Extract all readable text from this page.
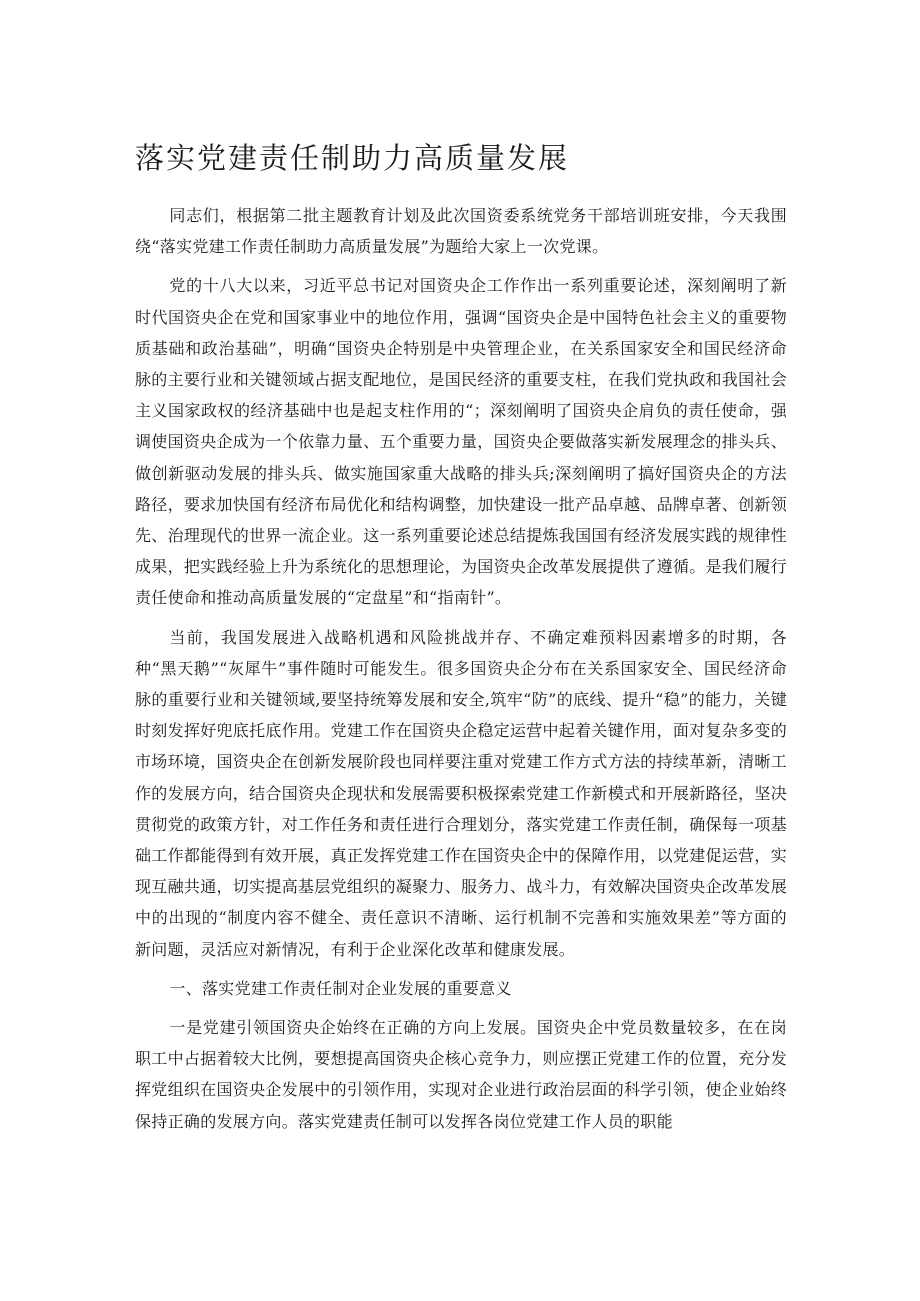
落实党建责任制助力高质量发展

同志们，根据第二批主题教育计划及此次国资委系统党务干部培训班安排，今天我围绕“落实党建工作责任制助力高质量发展”为题给大家上一次党课。

党的十八大以来，习近平总书记对国资央企工作作出一系列重要论述，深刻阐明了新时代国资央企在党和国家事业中的地位作用，强调“国资央企是中国特色社会主义的重要物质基础和政治基础”，明确“国资央企特别是中央管理企业，在关系国家安全和国民经济命脉的主要行业和关键领域占据支配地位，是国民经济的重要支柱，在我们党执政和我国社会主义国家政权的经济基础中也是起支柱作用的“；深刻阐明了国资央企肩负的责任使命，强调使国资央企成为一个依靠力量、五个重要力量，国资央企要做落实新发展理念的排头兵、做创新驱动发展的排头兵、做实施国家重大战略的排头兵;深刻阐明了搞好国资央企的方法路径，要求加快国有经济布局优化和结构调整，加快建设一批产品卓越、品牌卓著、创新领先、治理现代的世界一流企业。这一系列重要论述总结提炼我国国有经济发展实践的规律性成果，把实践经验上升为系统化的思想理论，为国资央企改革发展提供了遵循。是我们履行责任使命和推动高质量发展的“定盘星”和“指南针”。

当前，我国发展进入战略机遇和风险挑战并存、不确定难预料因素增多的时期，各种“黑天鹅”“灰犀牛”事件随时可能发生。很多国资央企分布在关系国家安全、国民经济命脉的重要行业和关键领域,要坚持统筹发展和安全,筑牢“防”的底线、提升“稳”的能力，关键时刻发挥好兜底托底作用。党建工作在国资央企稳定运营中起着关键作用，面对复杂多变的市场环境，国资央企在创新发展阶段也同样要注重对党建工作方式方法的持续革新，清晰工作的发展方向，结合国资央企现状和发展需要积极探索党建工作新模式和开展新路径，坚决贯彻党的政策方针，对工作任务和责任进行合理划分，落实党建工作责任制，确保每一项基础工作都能得到有效开展，真正发挥党建工作在国资央企中的保障作用，以党建促运营，实现互融共通，切实提高基层党组织的凝聚力、服务力、战斗力，有效解决国资央企改革发展中的出现的“制度内容不健全、责任意识不清晰、运行机制不完善和实施效果差”等方面的新问题，灵活应对新情况，有利于企业深化改革和健康发展。

一、落实党建工作责任制对企业发展的重要意义

一是党建引领国资央企始终在正确的方向上发展。国资央企中党员数量较多，在在岗职工中占据着较大比例，要想提高国资央企核心竞争力，则应摆正党建工作的位置，充分发挥党组织在国资央企发展中的引领作用，实现对企业进行政治层面的科学引领，使企业始终保持正确的发展方向。落实党建责任制可以发挥各岗位党建工作人员的职能
